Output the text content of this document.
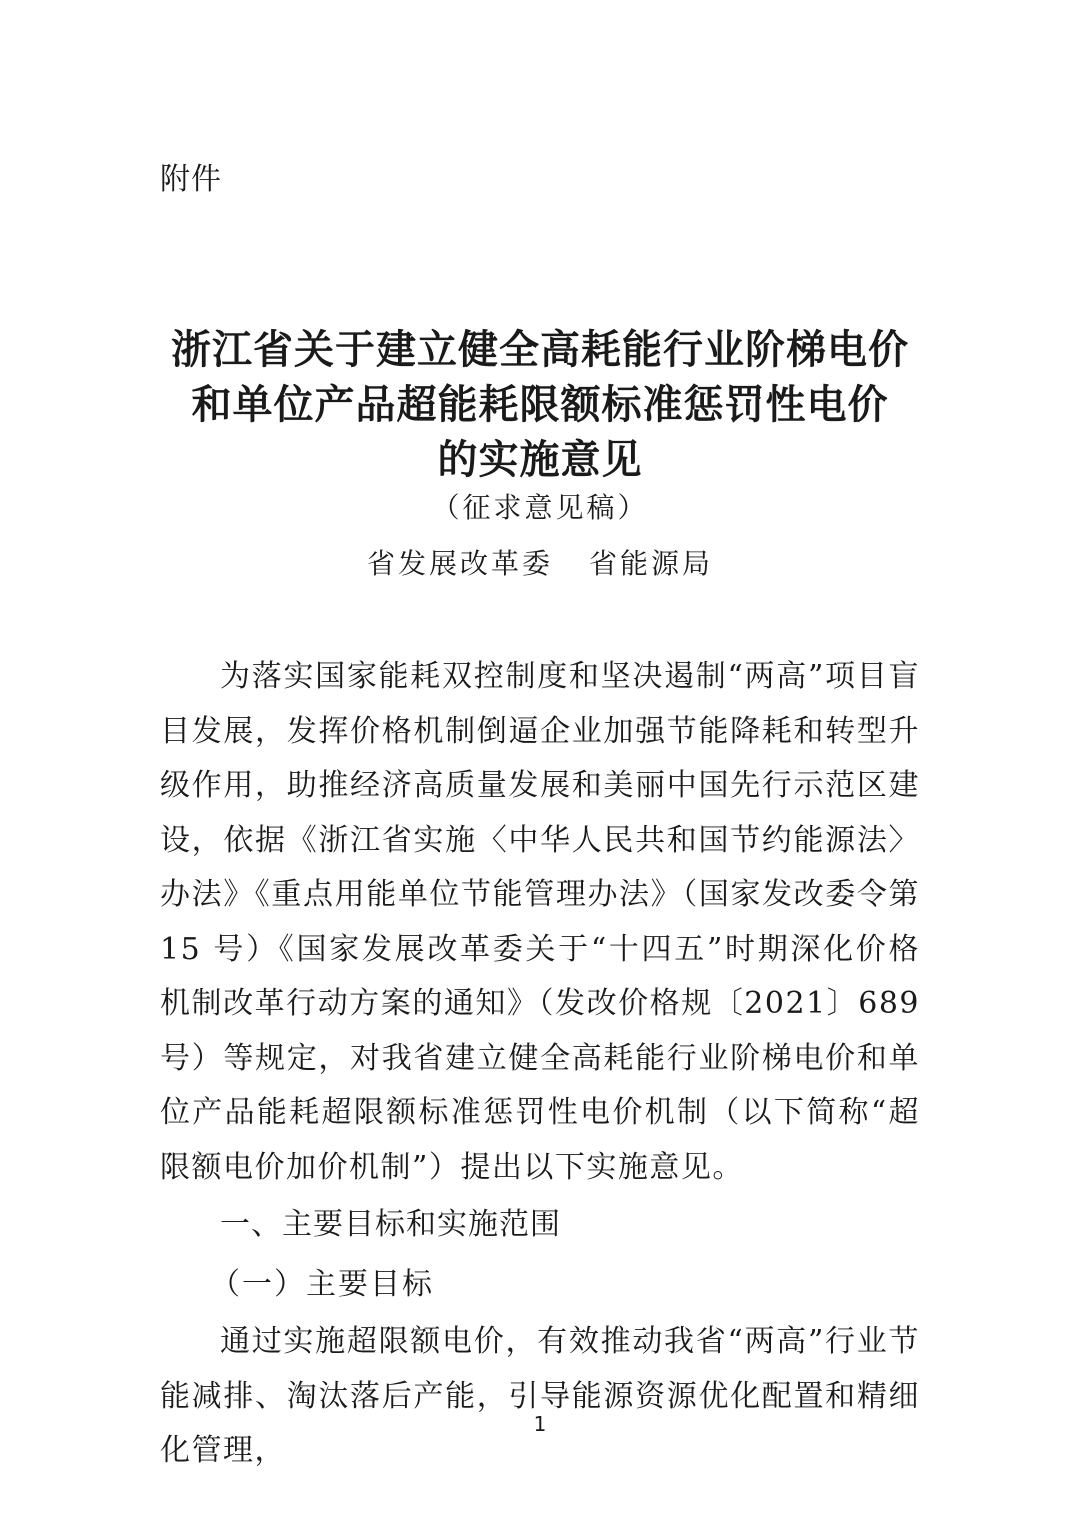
附件
浙江省关于建立健全高耗能行业阶梯电价
和单位产品超能耗限额标准惩罚性电价
的实施意见
（征求意见稿）
省发展改革委 省能源局

为落实国家能耗双控制度和坚决遏制“两高”项目盲目发展，发挥价格机制倒逼企业加强节能降耗和转型升级作用，助推经济高质量发展和美丽中国先行示范区建设，依据《浙江省实施〈中华人民共和国节约能源法〉办法》《重点用能单位节能管理办法》（国家发改委令第 15 号）《国家发展改革委关于“十四五”时期深化价格机制改革行动方案的通知》（发改价格规〔2021〕689 号）等规定，对我省建立健全高耗能行业阶梯电价和单位产品能耗超限额标准惩罚性电价机制（以下简称“超限额电价加价机制”）提出以下实施意见。

一、主要目标和实施范围

（一）主要目标

通过实施超限额电价，有效推动我省“两高”行业节能减排、淘汰落后产能，引导能源资源优化配置和精细化管理，

1
